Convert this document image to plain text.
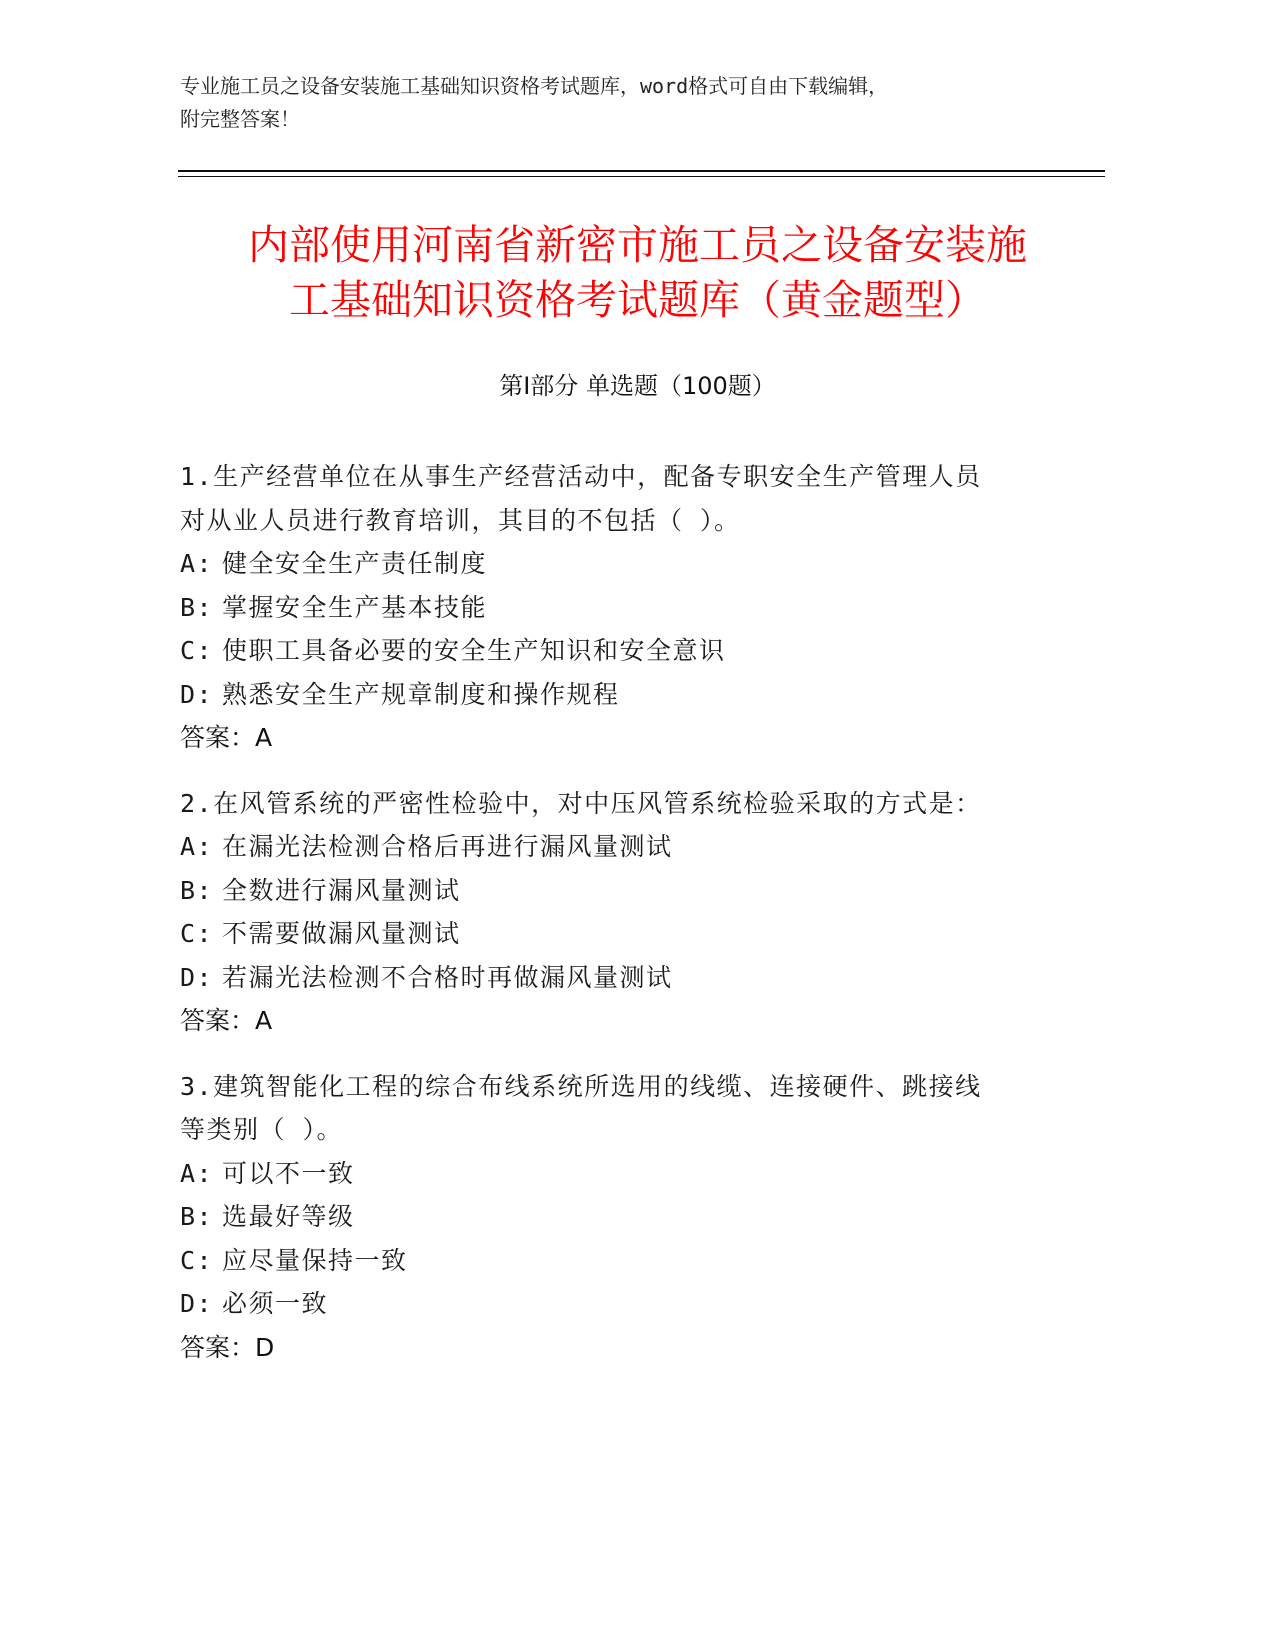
专业施工员之设备安装施工基础知识资格考试题库，word格式可自由下载编辑，
附完整答案！
内部使用河南省新密市施工员之设备安装施
工基础知识资格考试题库（黄金题型）
第Ⅰ部分 单选题（100题）
1.生产经营单位在从事生产经营活动中，配备专职安全生产管理人员
对从业人员进行教育培训，其目的不包括（ ）。
A: 健全安全生产责任制度
B: 掌握安全生产基本技能
C: 使职工具备必要的安全生产知识和安全意识
D: 熟悉安全生产规章制度和操作规程
答案：A
2.在风管系统的严密性检验中，对中压风管系统检验采取的方式是：
A: 在漏光法检测合格后再进行漏风量测试
B: 全数进行漏风量测试
C: 不需要做漏风量测试
D: 若漏光法检测不合格时再做漏风量测试
答案：A
3.建筑智能化工程的综合布线系统所选用的线缆、连接硬件、跳接线
等类别（ ）。
A: 可以不一致
B: 选最好等级
C: 应尽量保持一致
D: 必须一致
答案：D
